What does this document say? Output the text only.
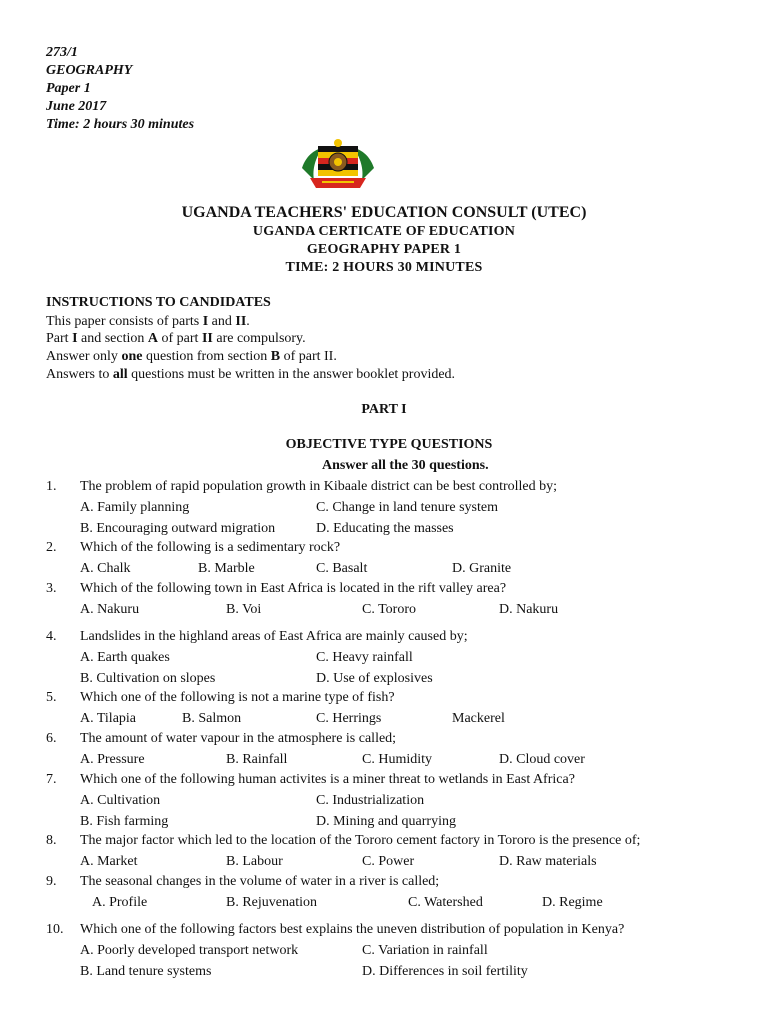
273/1
GEOGRAPHY
Paper 1
June 2017
Time: 2 hours 30 minutes
UGANDA TEACHERS' EDUCATION CONSULT (UTEC)
UGANDA CERTICATE OF EDUCATION
GEOGRAPHY PAPER 1
TIME: 2 HOURS 30 MINUTES
INSTRUCTIONS TO CANDIDATES
This paper consists of parts I and II.
Part I and section A of part II are compulsory.
Answer only one question from section B of part II.
Answers to all questions must be written in the answer booklet provided.
PART I
OBJECTIVE TYPE QUESTIONS
Answer all the 30 questions.
1. The problem of rapid population growth in Kibaale district can be best controlled by;
A. Family planning	C. Change in land tenure system
B. Encouraging outward migration	D. Educating the masses
2. Which of the following is a sedimentary rock?
A. Chalk	B. Marble	C. Basalt	D. Granite
3. Which of the following town in East Africa is located in the rift valley area?
A. Nakuru	B. Voi	C. Tororo	D. Nakuru
4. Landslides in the highland areas of East Africa are mainly caused by;
A. Earth quakes	C. Heavy rainfall
B. Cultivation on slopes	D. Use of explosives
5. Which one of the following is not a marine type of fish?
A. Tilapia	B. Salmon	C. Herrings	Mackerel
6. The amount of water vapour in the atmosphere is called;
A. Pressure	B. Rainfall	C. Humidity	D. Cloud cover
7. Which one of the following human activites is a miner threat to wetlands in East Africa?
A. Cultivation	C. Industrialization
B. Fish farming	D. Mining and quarrying
8. The major factor which led to the location of the Tororo cement factory in Tororo is the presence of;
A. Market	B. Labour	C. Power	D. Raw materials
9. The seasonal changes in the volume of water in a river is called;
A. Profile	B. Rejuvenation	C. Watershed	D. Regime
10. Which one of the following factors best explains the uneven distribution of population in Kenya?
A. Poorly developed transport network	C. Variation in rainfall
B. Land tenure systems	D. Differences in soil fertility
